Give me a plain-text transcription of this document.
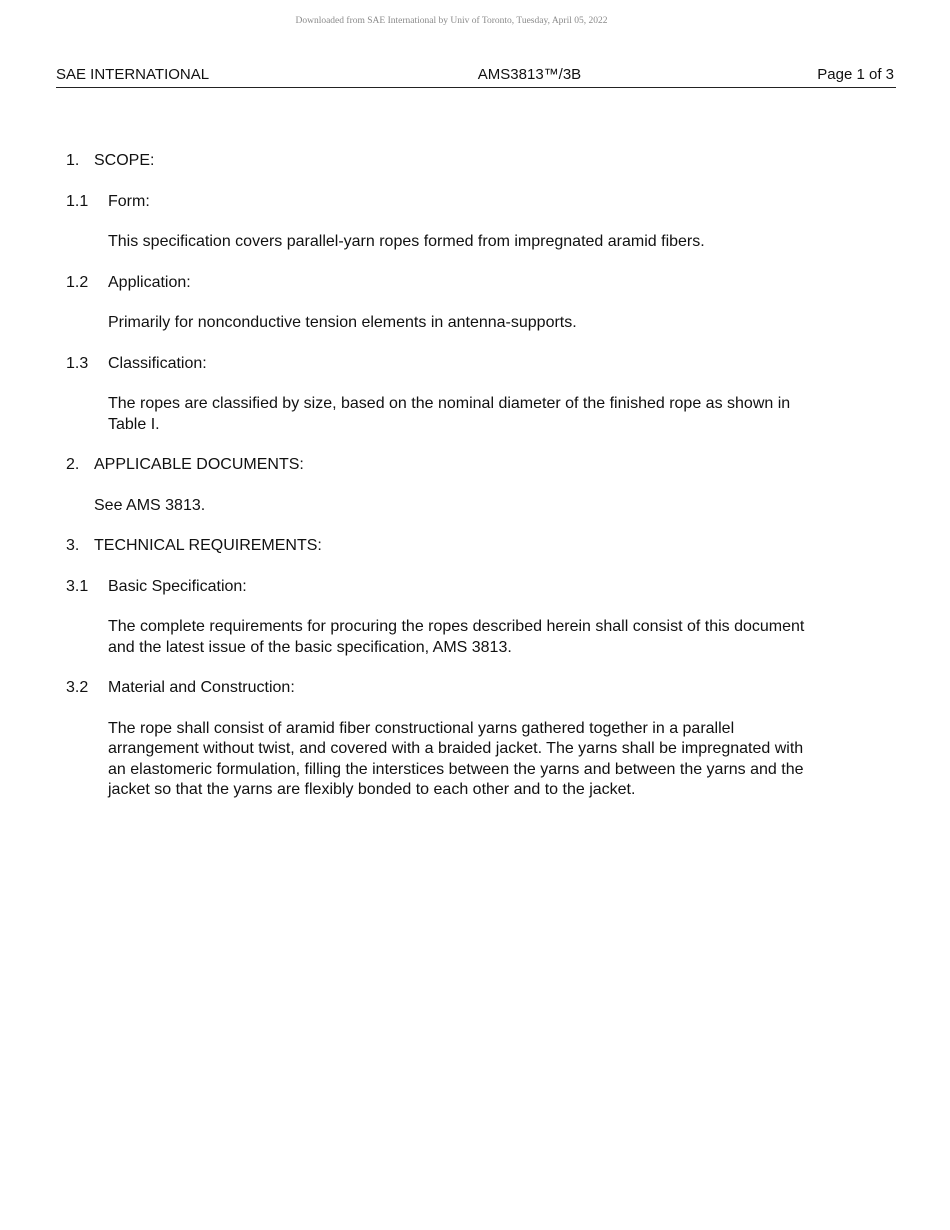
Downloaded from SAE International by Univ of Toronto, Tuesday, April 05, 2022
SAE INTERNATIONAL	AMS3813™/3B	Page 1 of 3
1. SCOPE:
1.1 Form:
This specification covers parallel-yarn ropes formed from impregnated aramid fibers.
1.2 Application:
Primarily for nonconductive tension elements in antenna-supports.
1.3 Classification:
The ropes are classified by size, based on the nominal diameter of the finished rope as shown in
Table I.
2. APPLICABLE DOCUMENTS:
See AMS 3813.
3. TECHNICAL REQUIREMENTS:
3.1 Basic Specification:
The complete requirements for procuring the ropes described herein shall consist of this document
and the latest issue of the basic specification, AMS 3813.
3.2 Material and Construction:
The rope shall consist of aramid fiber constructional yarns gathered together in a parallel
arrangement without twist, and covered with a braided jacket. The yarns shall be impregnated with
an elastomeric formulation, filling the interstices between the yarns and between the yarns and the
jacket so that the yarns are flexibly bonded to each other and to the jacket.
